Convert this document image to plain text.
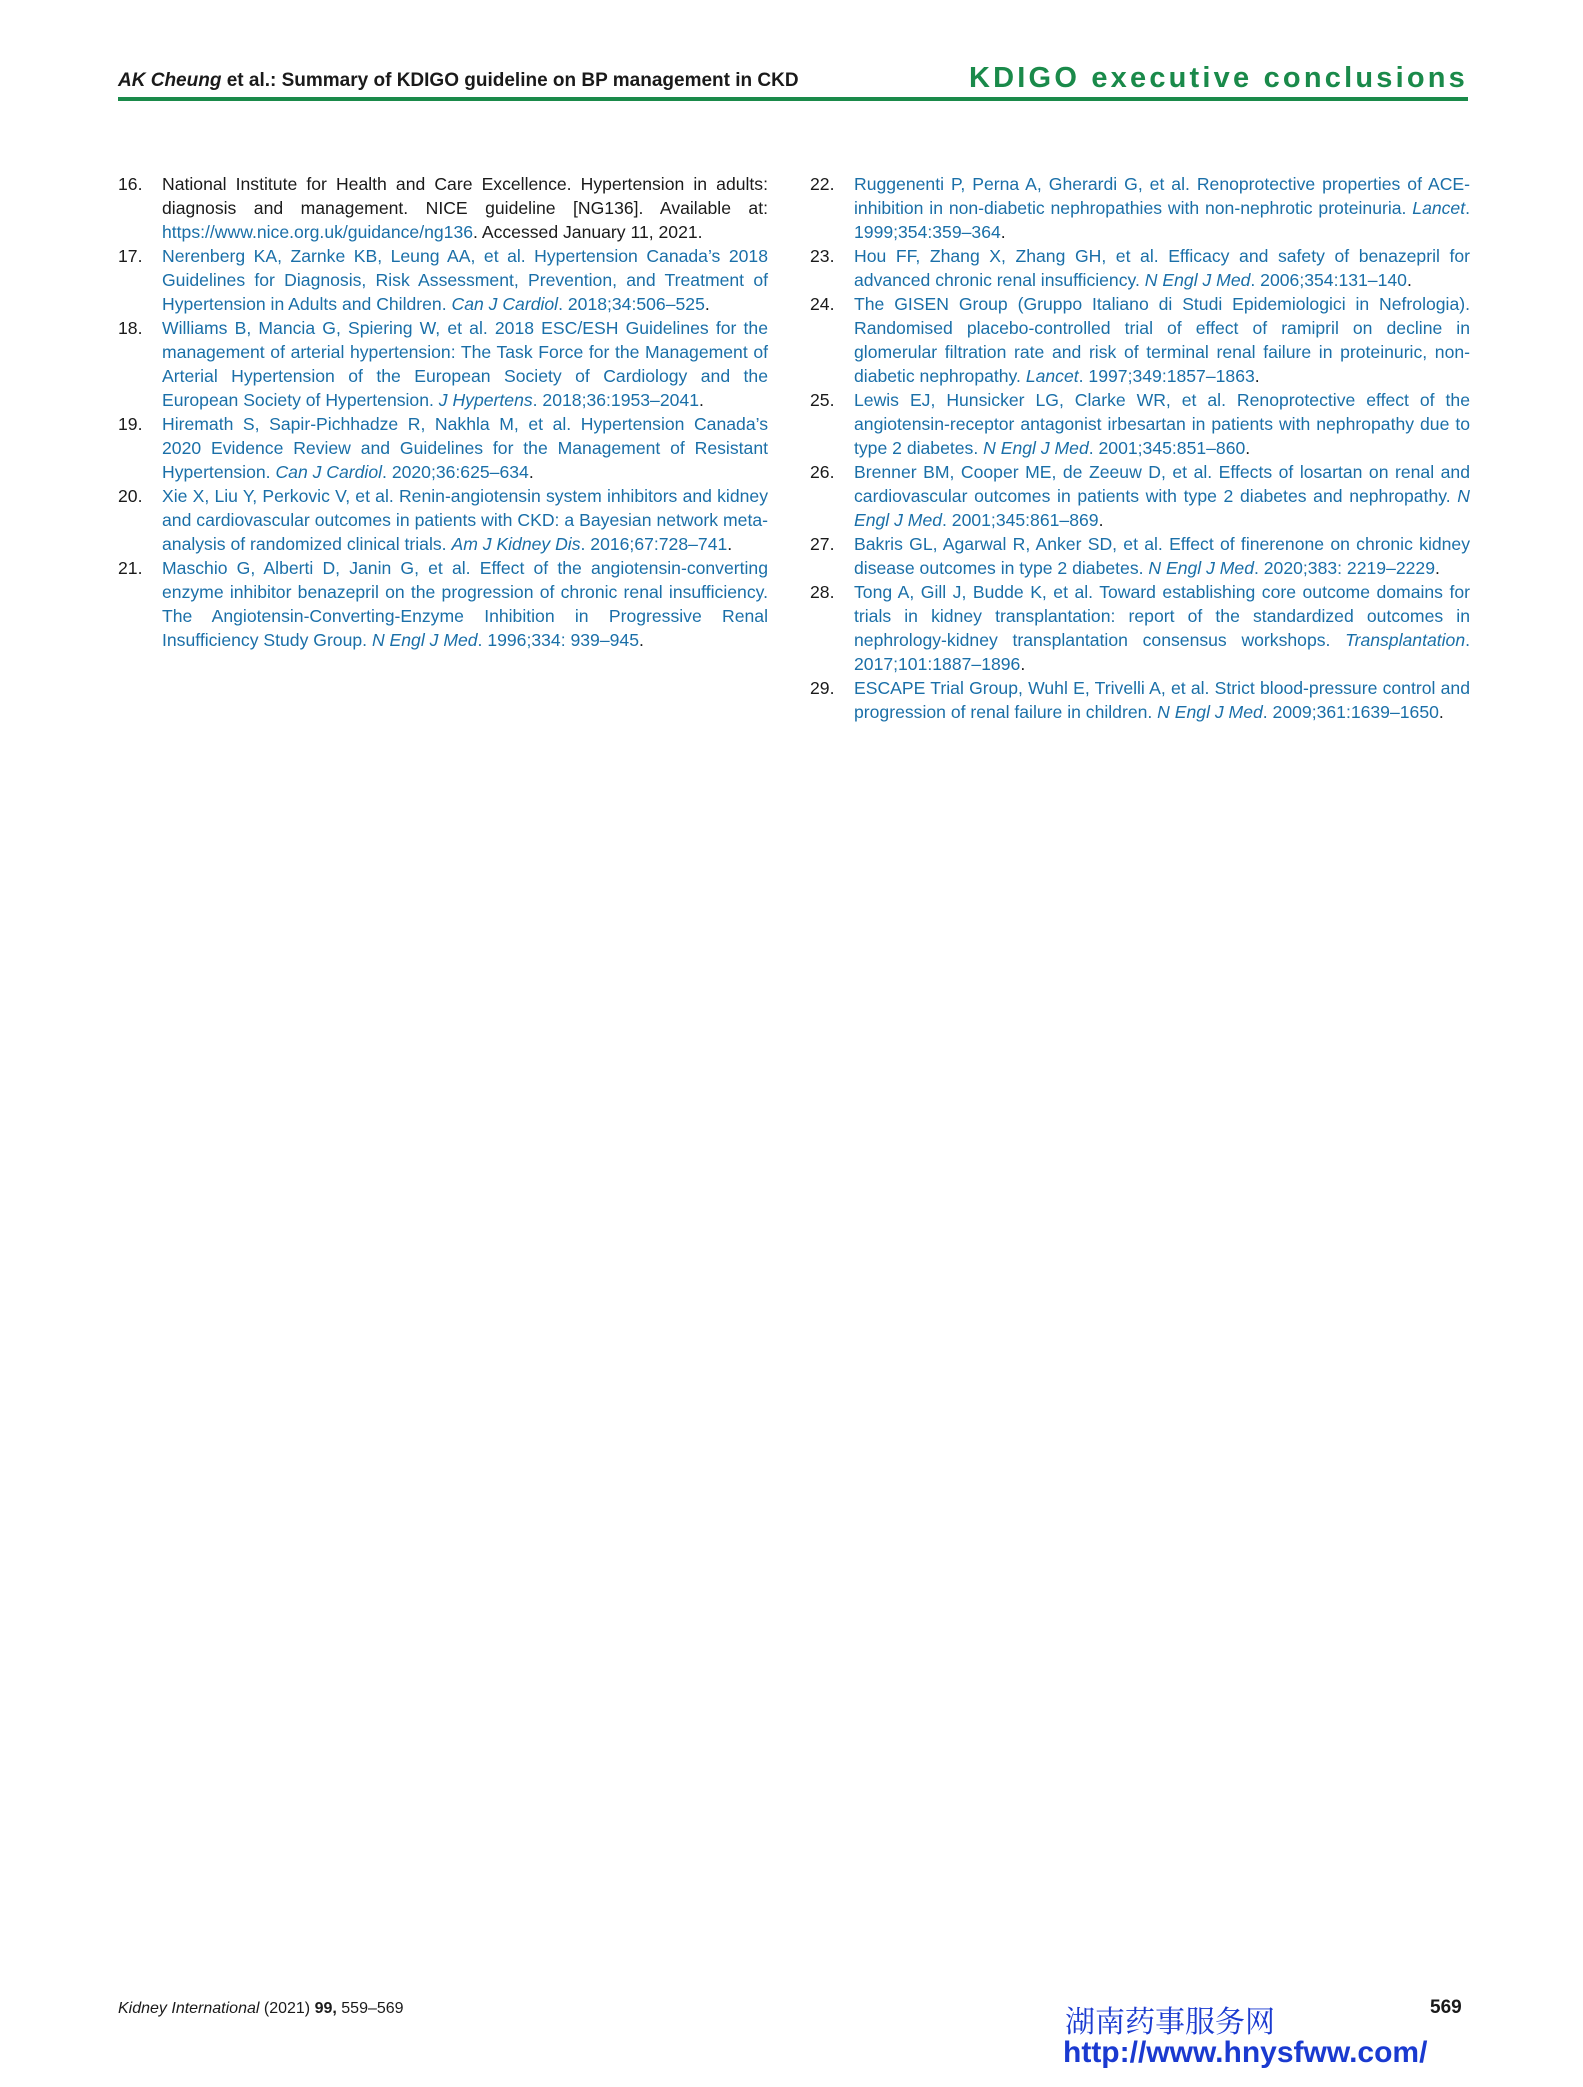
AK Cheung et al.: Summary of KDIGO guideline on BP management in CKD	KDIGO executive conclusions

16. National Institute for Health and Care Excellence. Hypertension in adults: diagnosis and management. NICE guideline [NG136]. Available at: https://www.nice.org.uk/guidance/ng136. Accessed January 11, 2021.

17. Nerenberg KA, Zarnke KB, Leung AA, et al. Hypertension Canada’s 2018 Guidelines for Diagnosis, Risk Assessment, Prevention, and Treatment of Hypertension in Adults and Children. Can J Cardiol. 2018;34:506–525.

18. Williams B, Mancia G, Spiering W, et al. 2018 ESC/ESH Guidelines for the management of arterial hypertension: The Task Force for the Management of Arterial Hypertension of the European Society of Cardiology and the European Society of Hypertension. J Hypertens. 2018;36:1953–2041.

19. Hiremath S, Sapir-Pichhadze R, Nakhla M, et al. Hypertension Canada’s 2020 Evidence Review and Guidelines for the Management of Resistant Hypertension. Can J Cardiol. 2020;36:625–634.

20. Xie X, Liu Y, Perkovic V, et al. Renin-angiotensin system inhibitors and kidney and cardiovascular outcomes in patients with CKD: a Bayesian network meta-analysis of randomized clinical trials. Am J Kidney Dis. 2016;67:728–741.

21. Maschio G, Alberti D, Janin G, et al. Effect of the angiotensin-converting enzyme inhibitor benazepril on the progression of chronic renal insufficiency. The Angiotensin-Converting-Enzyme Inhibition in Progressive Renal Insufficiency Study Group. N Engl J Med. 1996;334: 939–945.

22. Ruggenenti P, Perna A, Gherardi G, et al. Renoprotective properties of ACE-inhibition in non-diabetic nephropathies with non-nephrotic proteinuria. Lancet. 1999;354:359–364.

23. Hou FF, Zhang X, Zhang GH, et al. Efficacy and safety of benazepril for advanced chronic renal insufficiency. N Engl J Med. 2006;354:131–140.

24. The GISEN Group (Gruppo Italiano di Studi Epidemiologici in Nefrologia). Randomised placebo-controlled trial of effect of ramipril on decline in glomerular filtration rate and risk of terminal renal failure in proteinuric, non-diabetic nephropathy. Lancet. 1997;349:1857–1863.

25. Lewis EJ, Hunsicker LG, Clarke WR, et al. Renoprotective effect of the angiotensin-receptor antagonist irbesartan in patients with nephropathy due to type 2 diabetes. N Engl J Med. 2001;345:851–860.

26. Brenner BM, Cooper ME, de Zeeuw D, et al. Effects of losartan on renal and cardiovascular outcomes in patients with type 2 diabetes and nephropathy. N Engl J Med. 2001;345:861–869.

27. Bakris GL, Agarwal R, Anker SD, et al. Effect of finerenone on chronic kidney disease outcomes in type 2 diabetes. N Engl J Med. 2020;383: 2219–2229.

28. Tong A, Gill J, Budde K, et al. Toward establishing core outcome domains for trials in kidney transplantation: report of the standardized outcomes in nephrology-kidney transplantation consensus workshops. Transplantation. 2017;101:1887–1896.

29. ESCAPE Trial Group, Wuhl E, Trivelli A, et al. Strict blood-pressure control and progression of renal failure in children. N Engl J Med. 2009;361:1639–1650.

Kidney International (2021) 99, 559–569	569
湖南药事服务网
http://www.hnysfww.com/
